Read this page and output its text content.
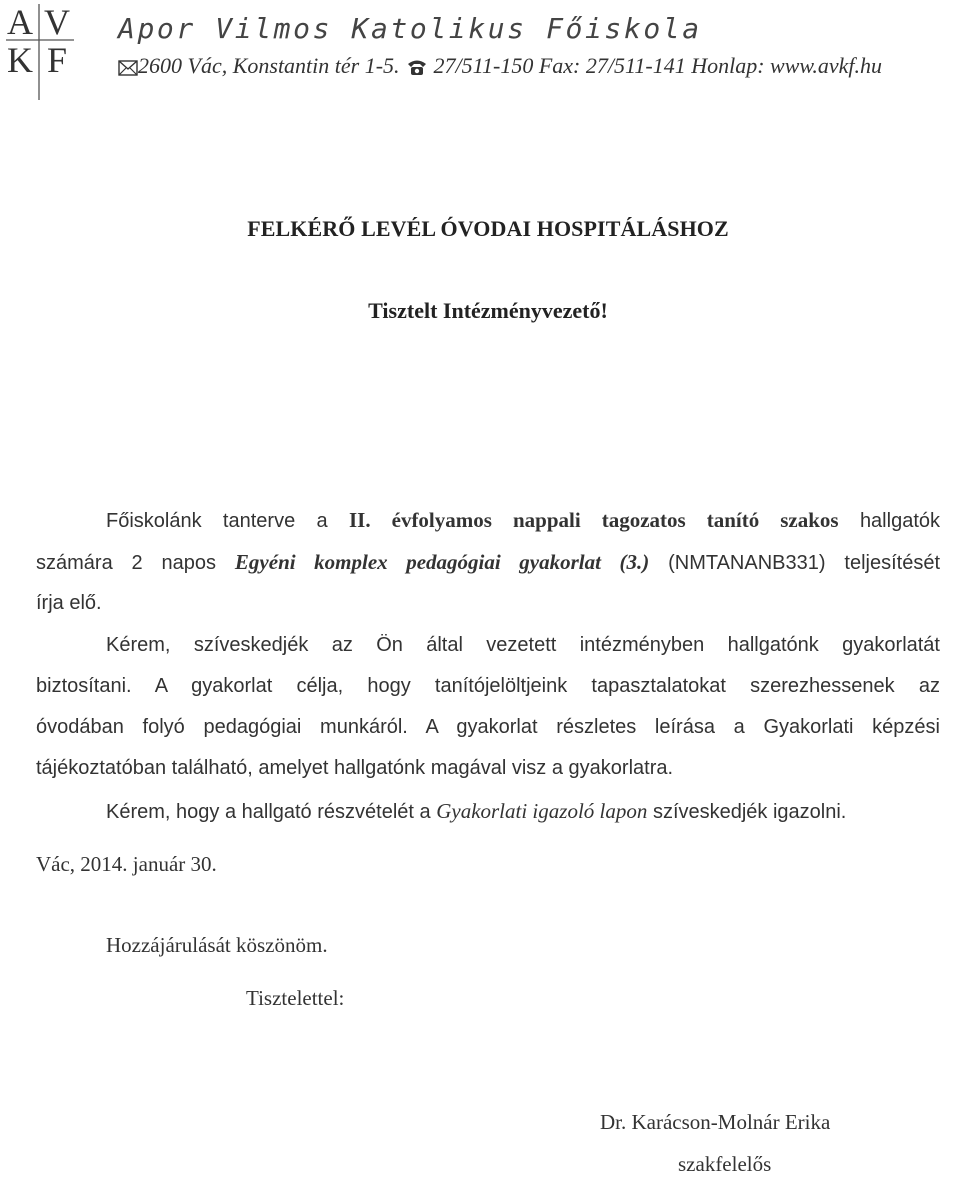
A V
K F
Apor Vilmos Katolikus Főiskola
2600 Vác, Konstantin tér 1-5. 27/511-150 Fax: 27/511-141 Honlap: www.avkf.hu
FELKÉRŐ LEVÉL ÓVODAI HOSPITÁLÁSHOZ
Tisztelt Intézményvezető!
Főiskolánk tanterve a II. évfolyamos nappali tagozatos tanító szakos hallgatók
számára 2 napos Egyéni komplex pedagógiai gyakorlat (3.) (NMTANANB331) teljesítését
írja elő.
Kérem, szíveskedjék az Ön által vezetett intézményben hallgatónk gyakorlatát
biztosítani. A gyakorlat célja, hogy tanítójelöltjeink tapasztalatokat szerezhessenek az
óvodában folyó pedagógiai munkáról. A gyakorlat részletes leírása a Gyakorlati képzési
tájékoztatóban található, amelyet hallgatónk magával visz a gyakorlatra.
Kérem, hogy a hallgató részvételét a Gyakorlati igazoló lapon szíveskedjék igazolni.
Vác, 2014. január 30.
Hozzájárulását köszönöm.
Tisztelettel:
Dr. Karácson-Molnár Erika
szakfelelős
